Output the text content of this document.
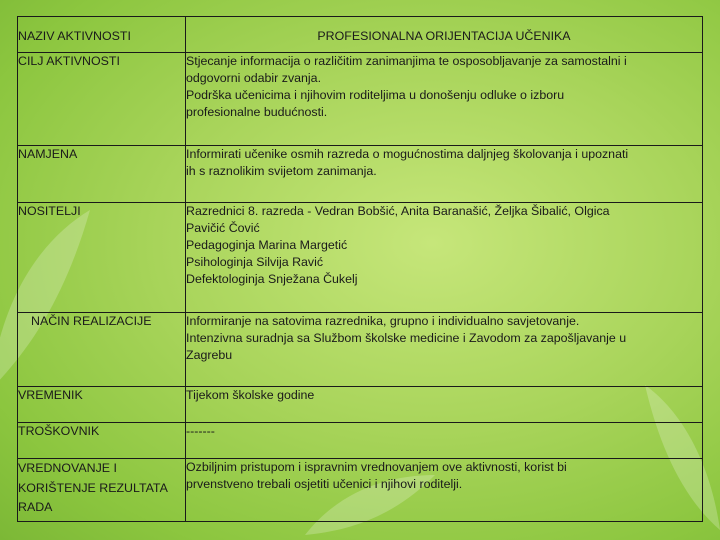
NAZIV AKTIVNOSTI	PROFESIONALNA ORIJENTACIJA UČENIKA

CILJ AKTIVNOSTI	Stjecanje informacija o različitim zanimanjima te osposobljavanje za samostalni i
odgovorni odabir zvanja.
Podrška učenicima i njihovim roditeljima u donošenju odluke o izboru
profesionalne budućnosti.

NAMJENA	Informirati učenike osmih razreda o mogućnostima daljnjeg školovanja i upoznati
ih s raznolikim svijetom zanimanja.

NOSITELJI	Razrednici 8. razreda - Vedran Bobšić, Anita Baranašić, Željka Šibalić, Olgica
Pavičić Čović
Pedagoginja Marina Margetić
Psihologinja Silvija Ravić
Defektologinja Snježana Čukelj

NAČIN REALIZACIJE	Informiranje na satovima razrednika, grupno i individualno savjetovanje.
Intenzivna suradnja sa Službom školske medicine i Zavodom za zapošljavanje u
Zagrebu

VREMENIK	Tijekom školske godine

TROŠKOVNIK	-------

VREDNOVANJE I KORIŠTENJE REZULTATA RADA	Ozbiljnim pristupom i ispravnim vrednovanjem ove aktivnosti, korist bi
prvenstveno trebali osjetiti učenici i njihovi roditelji.
